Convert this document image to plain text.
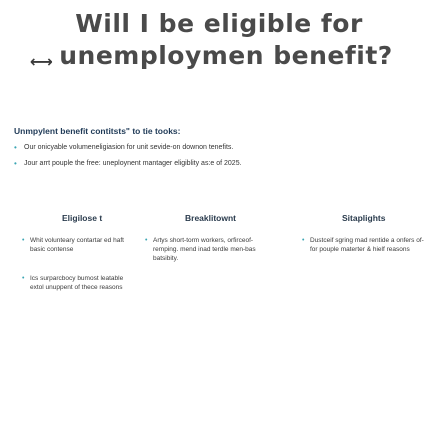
Will I be eligible for
unemploymen benefit?
⟷
Unmpylent benefit contitsts" to tie tooks:
• Our onicyable volumeneligiasion for unit sevide-on downon tenefits.
• Jour arrt pouple the free: uneploynent mantager eligiblity as:e of 2025.
Eligilose t
• Whit volunteary contartar ed haft basic contense
• Ics surparcbocy bumost leatable extol unuppent of thece reasons
Breaklitownt
• Artys short-torm workers, orfirceof- remping. mend inad terdle men-bas batsibity.
Sitaplights
• Dustceif sgring mad rentide a onfers of- for pouple materter & hielf reasons
